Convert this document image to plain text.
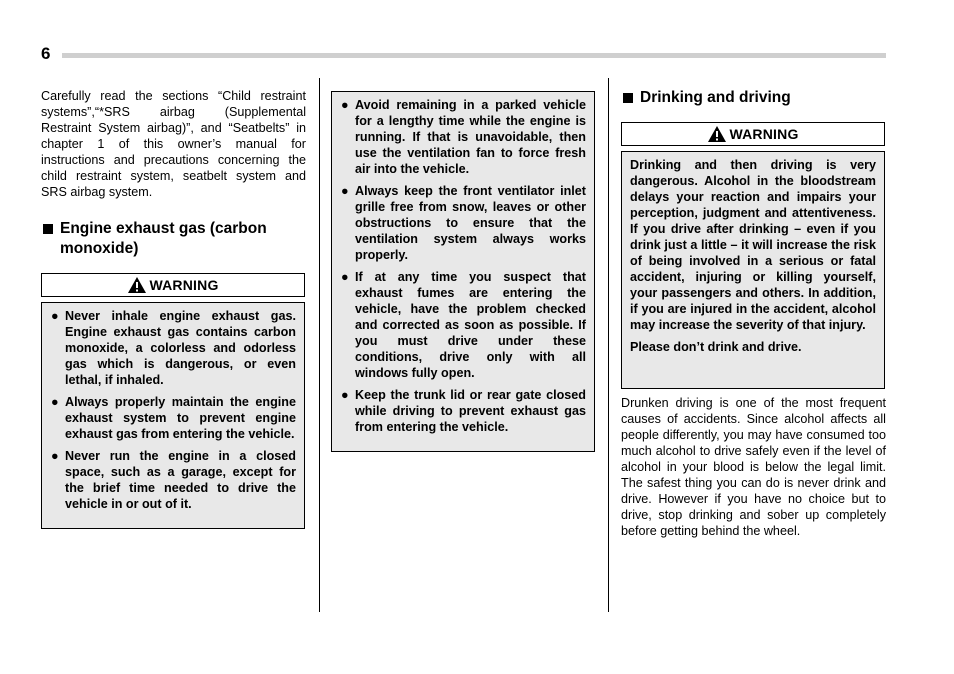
6
Carefully read the sections “Child restraint systems”,“*SRS airbag (Supplemental Restraint System airbag)”, and “Seatbelts” in chapter 1 of this owner’s manual for instructions and precautions concerning the child restraint system, seatbelt system and SRS airbag system.
Engine exhaust gas (carbon monoxide)
WARNING
● Never inhale engine exhaust gas. Engine exhaust gas contains carbon monoxide, a colorless and odorless gas which is dangerous, or even lethal, if inhaled.
● Always properly maintain the engine exhaust system to prevent engine exhaust gas from entering the vehicle.
● Never run the engine in a closed space, such as a garage, except for the brief time needed to drive the vehicle in or out of it.
● Avoid remaining in a parked vehicle for a lengthy time while the engine is running. If that is unavoidable, then use the ventilation fan to force fresh air into the vehicle.
● Always keep the front ventilator inlet grille free from snow, leaves or other obstructions to ensure that the ventilation system always works properly.
● If at any time you suspect that exhaust fumes are entering the vehicle, have the problem checked and corrected as soon as possible. If you must drive under these conditions, drive only with all windows fully open.
● Keep the trunk lid or rear gate closed while driving to prevent exhaust gas from entering the vehicle.
Drinking and driving
WARNING
Drinking and then driving is very dangerous. Alcohol in the bloodstream delays your reaction and impairs your perception, judgment and attentiveness. If you drive after drinking – even if you drink just a little – it will increase the risk of being involved in a serious or fatal accident, injuring or killing yourself, your passengers and others. In addition, if you are injured in the accident, alcohol may increase the severity of that injury.
Please don’t drink and drive.
Drunken driving is one of the most frequent causes of accidents. Since alcohol affects all people differently, you may have consumed too much alcohol to drive safely even if the level of alcohol in your blood is below the legal limit. The safest thing you can do is never drink and drive. However if you have no choice but to drive, stop drinking and sober up completely before getting behind the wheel.
